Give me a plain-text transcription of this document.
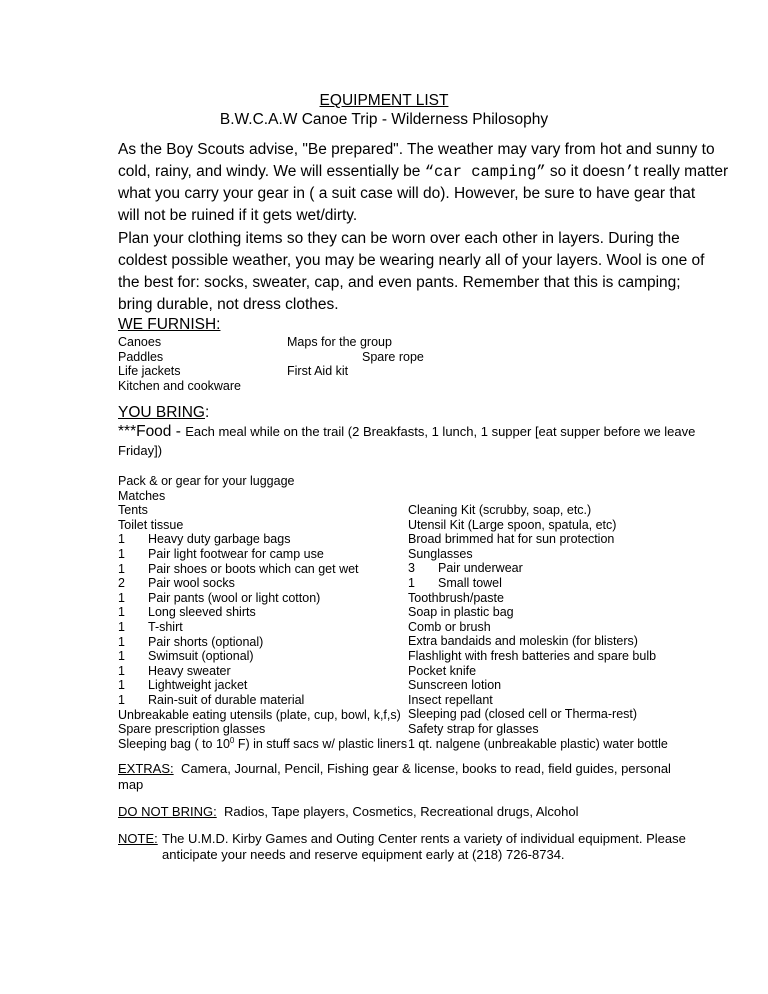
EQUIPMENT LIST
B.W.C.A.W Canoe Trip - Wilderness Philosophy
As the Boy Scouts advise, "Be prepared". The weather may vary from hot and sunny to
cold, rainy, and windy. We will essentially be “car camping” so it doesn’t really matter
what you carry your gear in ( a suit case will do). However, be sure to have gear that
will not be ruined if it gets wet/dirty.
Plan your clothing items so they can be worn over each other in layers. During the
coldest possible weather, you may be wearing nearly all of your layers. Wool is one of
the best for: socks, sweater, cap, and even pants. Remember that this is camping;
bring durable, not dress clothes.
WE FURNISH:
Canoes
Paddles
Life jackets
Kitchen and cookware
Maps for the group
Spare rope
First Aid kit
YOU BRING:
***Food - Each meal while on the trail (2 Breakfasts, 1 lunch, 1 supper [eat supper before we leave
Friday])
Pack & or gear for your luggage
Matches
Tents
Toilet tissue
1 Heavy duty garbage bags
1 Pair light footwear for camp use
1 Pair shoes or boots which can get wet
2 Pair wool socks
1 Pair pants (wool or light cotton)
1 Long sleeved shirts
1 T-shirt
1 Pair shorts (optional)
1 Swimsuit (optional)
1 Heavy sweater
1 Lightweight jacket
1 Rain-suit of durable material
Unbreakable eating utensils (plate, cup, bowl, k,f,s)
Spare prescription glasses
Sleeping bag ( to $10^0$ F) in stuff sacs w/ plastic liners
Cleaning Kit (scrubby, soap, etc.)
Utensil Kit (Large spoon, spatula, etc)
Broad brimmed hat for sun protection
Sunglasses
3 Pair underwear
1 Small towel
Toothbrush/paste
Soap in plastic bag
Comb or brush
Extra bandaids and moleskin (for blisters)
Flashlight with fresh batteries and spare bulb
Pocket knife
Sunscreen lotion
Insect repellant
Sleeping pad (closed cell or Therma-rest)
Safety strap for glasses
1 qt. nalgene (unbreakable plastic) water bottle
EXTRAS: Camera, Journal, Pencil, Fishing gear & license, books to read, field guides, personal
map
DO NOT BRING: Radios, Tape players, Cosmetics, Recreational drugs, Alcohol
NOTE: The U.M.D. Kirby Games and Outing Center rents a variety of individual equipment. Please
anticipate your needs and reserve equipment early at (218) 726-8734.
